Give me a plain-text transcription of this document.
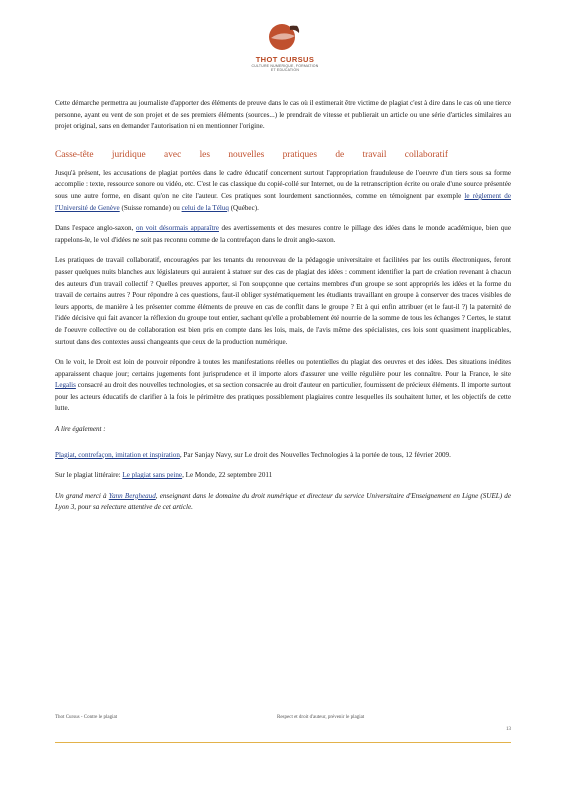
THOT CURSUS
CULTURE NUMERIQUE, FORMATION ET EDUCATION

Cette démarche permettra au journaliste d'apporter des éléments de preuve dans le cas où il estimerait être victime de plagiat c'est à dire dans le cas où une tierce personne, ayant eu vent de son projet et de ses premiers éléments (sources...) le prendrait de vitesse et publierait un article ou une série d'articles similaires au projet original, sans en demander l'autorisation ni en mentionner l'origine.

Casse-tête juridique avec les nouvelles pratiques de travail collaboratif

Jusqu'à présent, les accusations de plagiat portées dans le cadre éducatif concernent surtout l'appropriation frauduleuse de l'oeuvre d'un tiers sous sa forme accomplie : texte, ressource sonore ou vidéo, etc. C'est le cas classique du copié-collé sur Internet, ou de la retranscription écrite ou orale d'une source présentée sous une autre forme, en disant qu'on ne cite l'auteur. Ces pratiques sont lourdement sanctionnées, comme en témoignent par exemple le règlement de l'Université de Genève (Suisse romande) ou celui de la Téluq (Québec).

Dans l'espace anglo-saxon, on voit désormais apparaître des avertissements et des mesures contre le pillage des idées dans le monde académique, bien que rappelons-le, le vol d'idées ne soit pas reconnu comme de la contrefaçon dans le droit anglo-saxon.

Les pratiques de travail collaboratif, encouragées par les tenants du renouveau de la pédagogie universitaire et facilitées par les outils électroniques, feront passer quelques nuits blanches aux législateurs qui auraient à statuer sur des cas de plagiat des idées : comment identifier la part de création revenant à chacun des auteurs d'un travail collectif ? Quelles preuves apporter, si l'on soupçonne que certains membres d'un groupe se sont appropriés les idées et la forme du travail de certains autres ? Pour répondre à ces questions, faut-il obliger systématiquement les étudiants travaillant en groupe à conserver des traces visibles de leurs apports, de manière à les présenter comme éléments de preuve en cas de conflit dans le groupe ? Et à qui enfin attribuer (et le faut-il ?) la paternité de l'idée décisive qui fait avancer la réflexion du groupe tout entier, sachant qu'elle a probablement été nourrie de la somme de tous les échanges ? Certes, le statut de l'oeuvre collective ou de collaboration est bien pris en compte dans les lois, mais, de l'avis même des spécialistes, ces lois sont quasiment inapplicables, surtout dans des contextes aussi changeants que ceux de la production numérique.

On le voit, le Droit est loin de pouvoir répondre à toutes les manifestations réelles ou potentielles du plagiat des oeuvres et des idées. Des situations inédites apparaissent chaque jour; certains jugements font jurisprudence et il importe alors d'assurer une veille régulière pour les connaître. Pour la France, le site Legalis consacré au droit des nouvelles technologies, et sa section consacrée au droit d'auteur en particulier, fournissent de précieux éléments. Il importe surtout pour les acteurs éducatifs de clarifier à la fois le périmètre des pratiques possiblement plagiaires contre lesquelles ils souhaitent lutter, et les objectifs de cette lutte.

A lire également :

Plagiat, contrefaçon, imitation et inspiration, Par Sanjay Navy, sur Le droit des Nouvelles Technologies à la portée de tous, 12 février 2009.

Sur le plagiat littéraire: Le plagiat sans peine, Le Monde, 22 septembre 2011

Un grand merci à Yann Bergheaud, enseignant dans le domaine du droit numérique et directeur du service Universitaire d'Enseignement en Ligne (SUEL) de Lyon 3, pour sa relecture attentive de cet article.

Thot Cursus - Contre le plagiat	Respect et droit d'auteur, prévenir le plagiat
13
